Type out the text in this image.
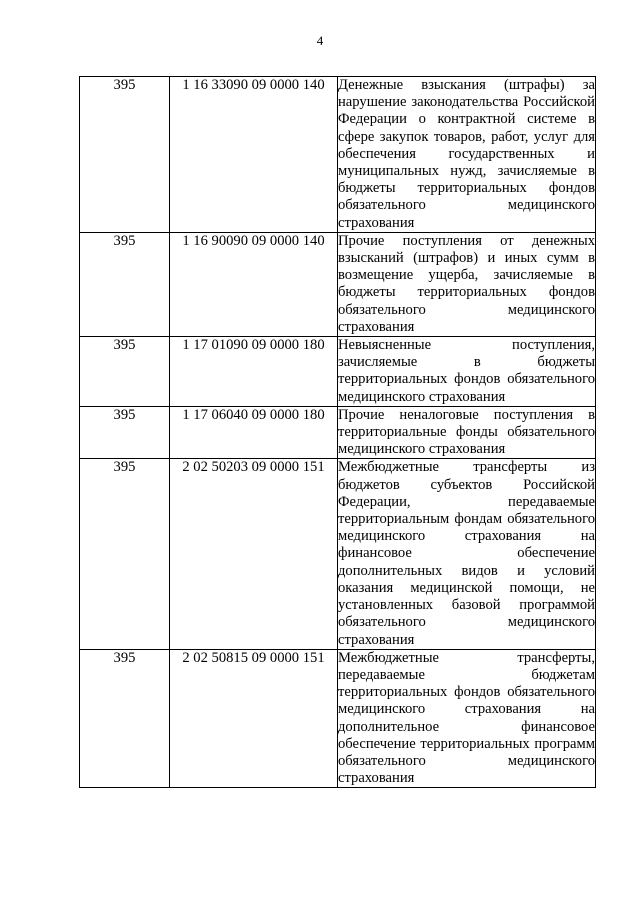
4
395	1 16 33090 09 0000 140	Денежные взыскания (штрафы) за нарушение законодательства Российской Федерации о контрактной системе в сфере закупок товаров, работ, услуг для обеспечения государственных и муниципальных нужд, зачисляемые в бюджеты территориальных фондов обязательного медицинского страхования
395	1 16 90090 09 0000 140	Прочие поступления от денежных взысканий (штрафов) и иных сумм в возмещение ущерба, зачисляемые в бюджеты территориальных фондов обязательного медицинского страхования
395	1 17 01090 09 0000 180	Невыясненные поступления, зачисляемые в бюджеты территориальных фондов обязательного медицинского страхования
395	1 17 06040 09 0000 180	Прочие неналоговые поступления в территориальные фонды обязательного медицинского страхования
395	2 02 50203 09 0000 151	Межбюджетные трансферты из бюджетов субъектов Российской Федерации, передаваемые территориальным фондам обязательного медицинского страхования на финансовое обеспечение дополнительных видов и условий оказания медицинской помощи, не установленных базовой программой обязательного медицинского страхования
395	2 02 50815 09 0000 151	Межбюджетные трансферты, передаваемые бюджетам территориальных фондов обязательного медицинского страхования на дополнительное финансовое обеспечение территориальных программ обязательного медицинского страхования
